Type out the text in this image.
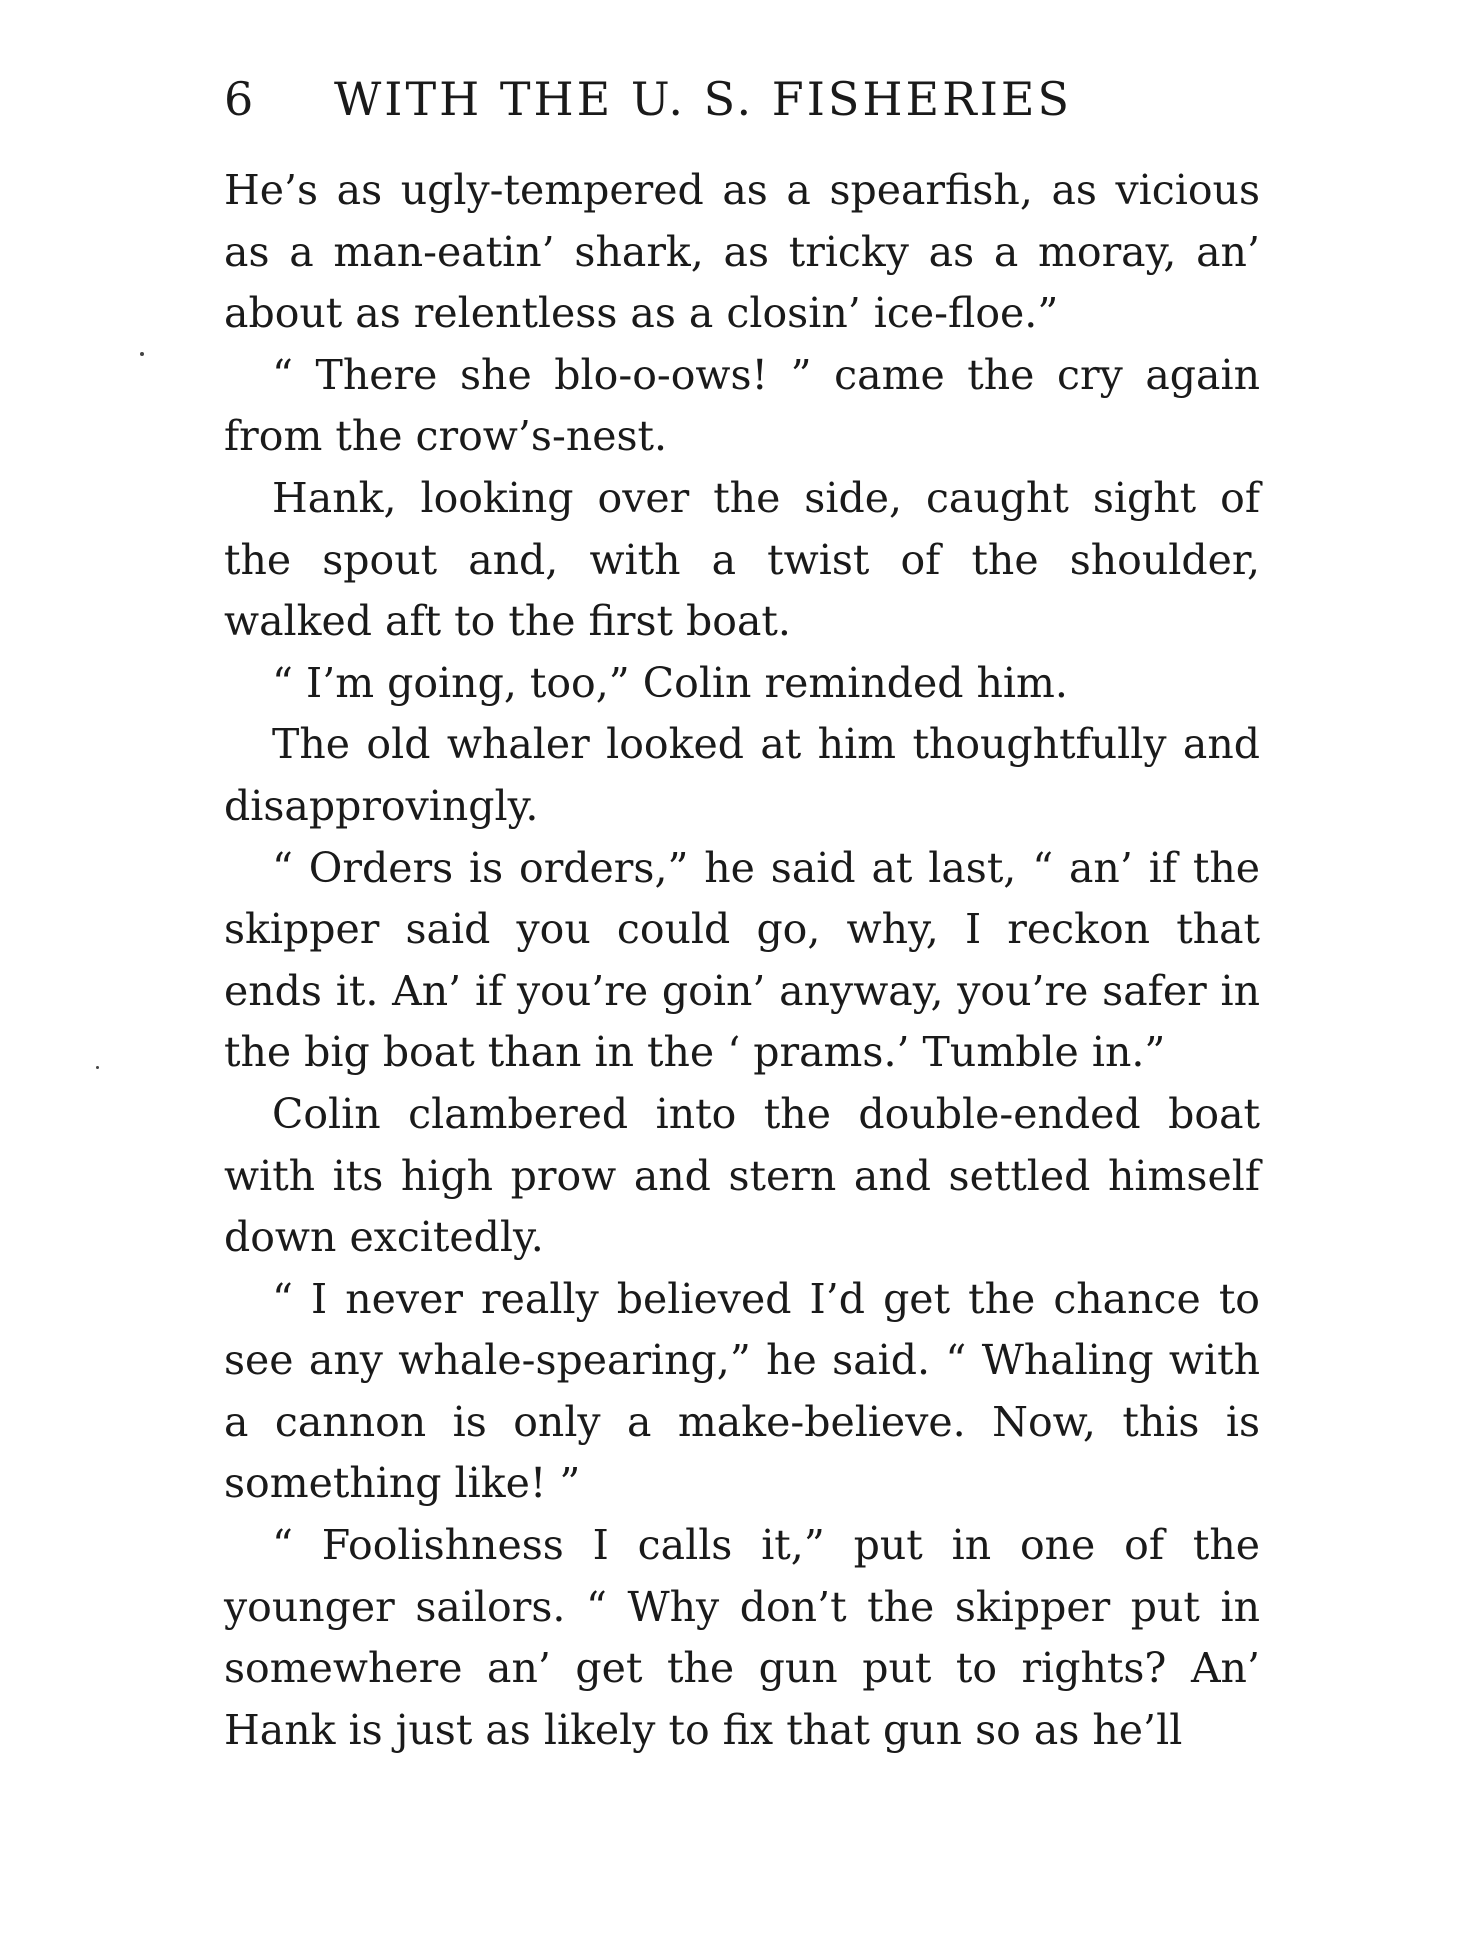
6 WITH THE U. S. FISHERIES

He’s as ugly-tempered as a spearfish, as vicious as a man-eatin’ shark, as tricky as a moray, an’ about as relentless as a closin’ ice-floe.”

“ There she blo-o-ows! ” came the cry again from the crow’s-nest.

Hank, looking over the side, caught sight of the spout and, with a twist of the shoulder, walked aft to the first boat.

“ I’m going, too,” Colin reminded him.

The old whaler looked at him thoughtfully and disapprovingly.

“ Orders is orders,” he said at last, “ an’ if the skipper said you could go, why, I reckon that ends it. An’ if you’re goin’ anyway, you’re safer in the big boat than in the ‘ prams.’ Tumble in.”

Colin clambered into the double-ended boat with its high prow and stern and settled himself down excitedly.

“ I never really believed I’d get the chance to see any whale-spearing,” he said. “ Whaling with a cannon is only a make-believe. Now, this is something like! ”

“ Foolishness I calls it,” put in one of the younger sailors. “ Why don’t the skipper put in somewhere an’ get the gun put to rights? An’ Hank is just as likely to fix that gun so as he’ll
